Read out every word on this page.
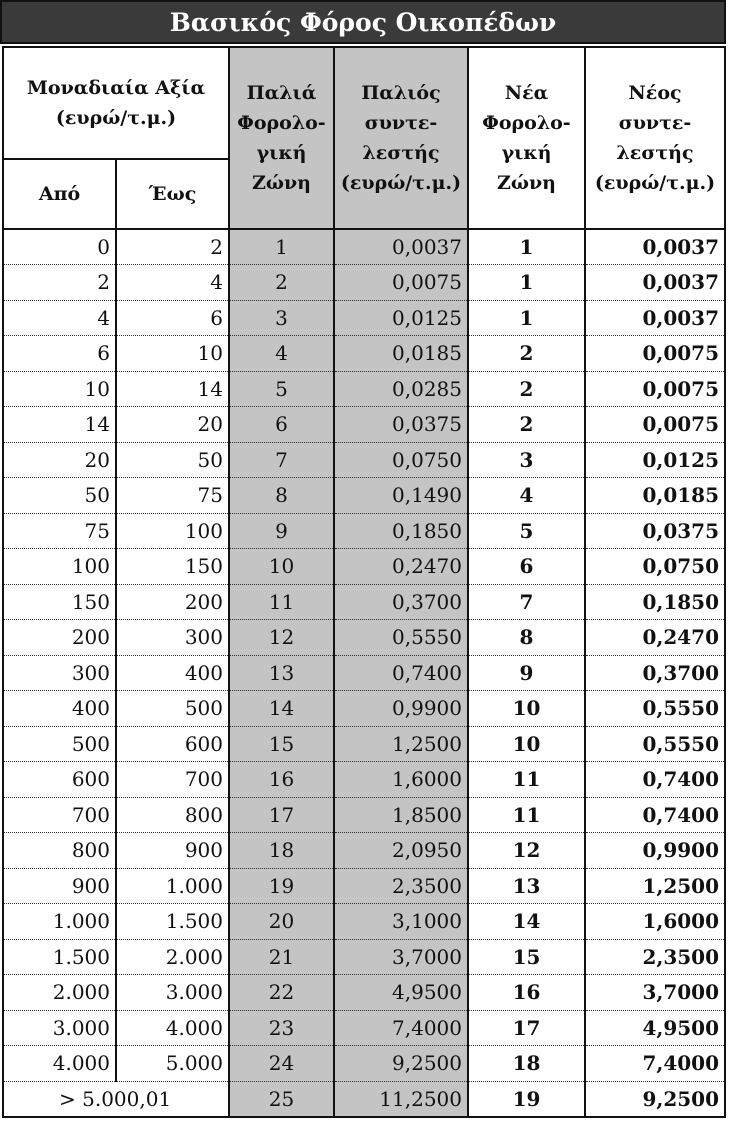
Βασικός Φόρος Οικοπέδων
Μοναδιαία Αξία (ευρώ/τ.μ.)		Παλιά Φορολο-γική Ζώνη	Παλιός συντε-λεστής (ευρώ/τ.μ.)	Νέα Φορολο-γική Ζώνη	Νέος συντε-λεστής (ευρώ/τ.μ.)
Από	Έως				
0	2	1	0,0037	1	0,0037
2	4	2	0,0075	1	0,0037
4	6	3	0,0125	1	0,0037
6	10	4	0,0185	2	0,0075
10	14	5	0,0285	2	0,0075
14	20	6	0,0375	2	0,0075
20	50	7	0,0750	3	0,0125
50	75	8	0,1490	4	0,0185
75	100	9	0,1850	5	0,0375
100	150	10	0,2470	6	0,0750
150	200	11	0,3700	7	0,1850
200	300	12	0,5550	8	0,2470
300	400	13	0,7400	9	0,3700
400	500	14	0,9900	10	0,5550
500	600	15	1,2500	10	0,5550
600	700	16	1,6000	11	0,7400
700	800	17	1,8500	11	0,7400
800	900	18	2,0950	12	0,9900
900	1.000	19	2,3500	13	1,2500
1.000	1.500	20	3,1000	14	1,6000
1.500	2.000	21	3,7000	15	2,3500
2.000	3.000	22	4,9500	16	3,7000
3.000	4.000	23	7,4000	17	4,9500
4.000	5.000	24	9,2500	18	7,4000
> 5.000,01		25	11,2500	19	9,2500
